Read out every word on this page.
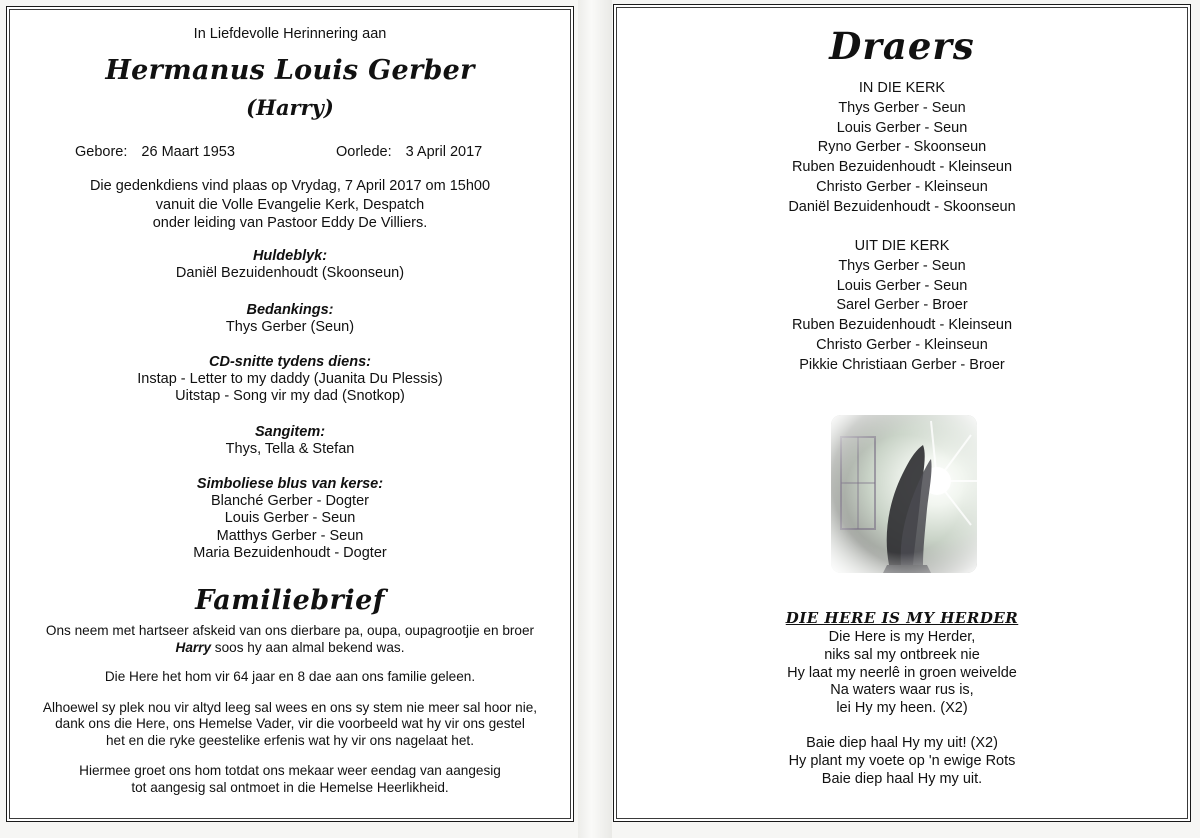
In Liefdevolle Herinnering aan
Hermanus Louis Gerber
(Harry)
Gebore: 26 Maart 1953	Oorlede: 3 April 2017
Die gedenkdiens vind plaas op Vrydag, 7 April 2017 om 15h00
vanuit die Volle Evangelie Kerk, Despatch
onder leiding van Pastoor Eddy De Villiers.
Huldeblyk:
Daniël Bezuidenhoudt (Skoonseun)
Bedankings:
Thys Gerber (Seun)
CD-snitte tydens diens:
Instap - Letter to my daddy (Juanita Du Plessis)
Uitstap - Song vir my dad (Snotkop)
Sangitem:
Thys, Tella & Stefan
Simboliese blus van kerse:
Blanché Gerber - Dogter
Louis Gerber - Seun
Matthys Gerber - Seun
Maria Bezuidenhoudt - Dogter
Familiebrief

Ons neem met hartseer afskeid van ons dierbare pa, oupa, oupagrootjie en broer

Harry soos hy aan almal bekend was.

Die Here het hom vir 64 jaar en 8 dae aan ons familie geleen.

Alhoewel sy plek nou vir altyd leeg sal wees en ons sy stem nie meer sal hoor nie,

dank ons die Here, ons Hemelse Vader, vir die voorbeeld wat hy vir ons gestel

het en die ryke geestelike erfenis wat hy vir ons nagelaat het.

Hiermee groet ons hom totdat ons mekaar weer eendag van aangesig

tot aangesig sal ontmoet in die Hemelse Heerlikheid.

Draers
IN DIE KERK
Thys Gerber - Seun
Louis Gerber - Seun
Ryno Gerber - Skoonseun
Ruben Bezuidenhoudt - Kleinseun
Christo Gerber - Kleinseun
Daniël Bezuidenhoudt - Skoonseun
UIT DIE KERK
Thys Gerber - Seun
Louis Gerber - Seun
Sarel Gerber - Broer
Ruben Bezuidenhoudt - Kleinseun
Christo Gerber - Kleinseun
Pikkie Christiaan Gerber - Broer
DIE HERE IS MY HERDER
Die Here is my Herder,
niks sal my ontbreek nie
Hy laat my neerlê in groen weivelde
Na waters waar rus is,
lei Hy my heen. (X2)
Baie diep haal Hy my uit! (X2)
Hy plant my voete op 'n ewige Rots
Baie diep haal Hy my uit.
